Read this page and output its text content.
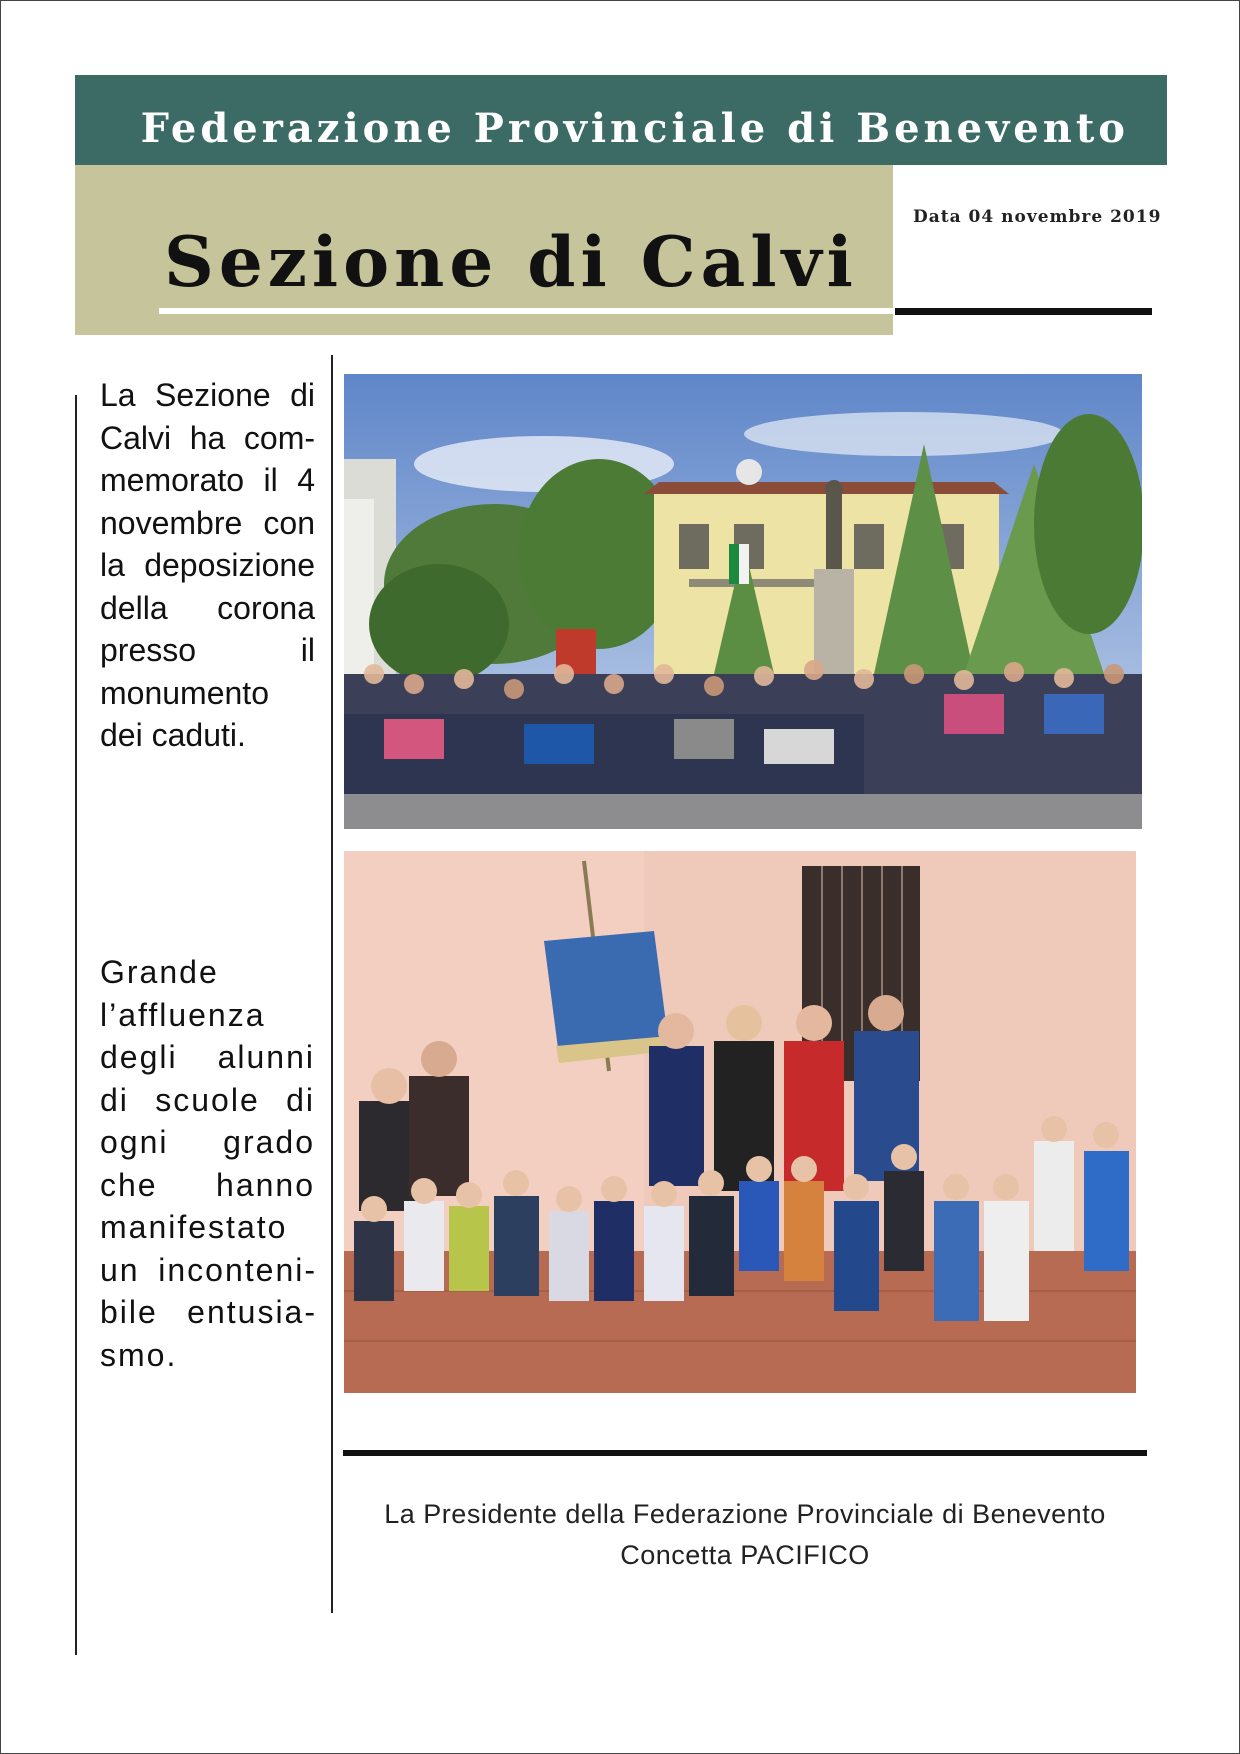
Federazione Provinciale di Benevento
Sezione di Calvi
Data 04 novembre 2019
La Sezione di Calvi ha commemorato il 4 novembre con la deposizione della corona presso il monumento dei caduti.
Grande l’affluenza degli alunni di scuole di ogni grado che hanno manifestato un incontenibile entusiasmo.
La Presidente della Federazione Provinciale di Benevento
Concetta PACIFICO
